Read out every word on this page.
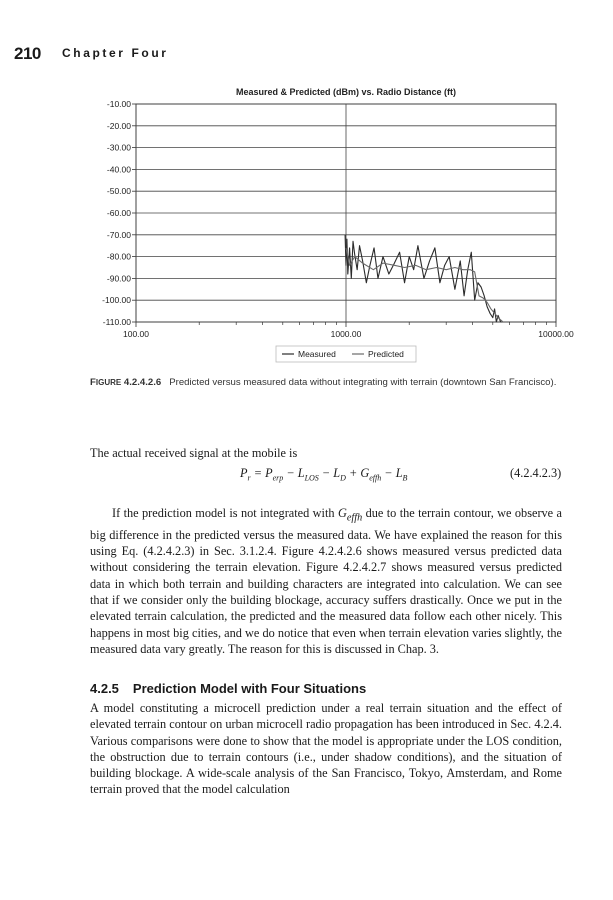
210 Chapter Four
Measured & Predicted (dBm) vs. Radio Distance (ft)
-10.00
-20.00
-30.00
-40.00
-50.00
-60.00
-70.00
-80.00
-90.00
-100.00
-110.00
100.00	1000.00	10000.00
Measured	Predicted
FIGURE 4.2.4.2.6 Predicted versus measured data without integrating with terrain (downtown San Francisco).

The actual received signal at the mobile is

$P_r = P_{erp} - L_{LOS} - L_D + G_{effh} - L_B$	(4.2.4.2.3)

If the prediction model is not integrated with $G_{effh}$ due to the terrain contour, we observe a big difference in the predicted versus the measured data. We have explained the reason for this using Eq. (4.2.4.2.3) in Sec. 3.1.2.4. Figure 4.2.4.2.6 shows measured versus predicted data without considering the terrain elevation. Figure 4.2.4.2.7 shows measured versus predicted data in which both terrain and building characters are integrated into calculation. We can see that if we consider only the building blockage, accuracy suffers drastically. Once we put in the elevated terrain calculation, the predicted and the measured data follow each other nicely. This happens in most big cities, and we do notice that even when terrain elevation varies slightly, the measured data vary greatly. The reason for this is discussed in Chap. 3.

4.2.5 Prediction Model with Four Situations

A model constituting a microcell prediction under a real terrain situation and the effect of elevated terrain contour on urban microcell radio propagation has been introduced in Sec. 4.2.4. Various comparisons were done to show that the model is appropriate under the LOS condition, the obstruction due to terrain contours (i.e., under shadow conditions), and the situation of building blockage. A wide-scale analysis of the San Francisco, Tokyo, Amsterdam, and Rome terrain proved that the model calculation
